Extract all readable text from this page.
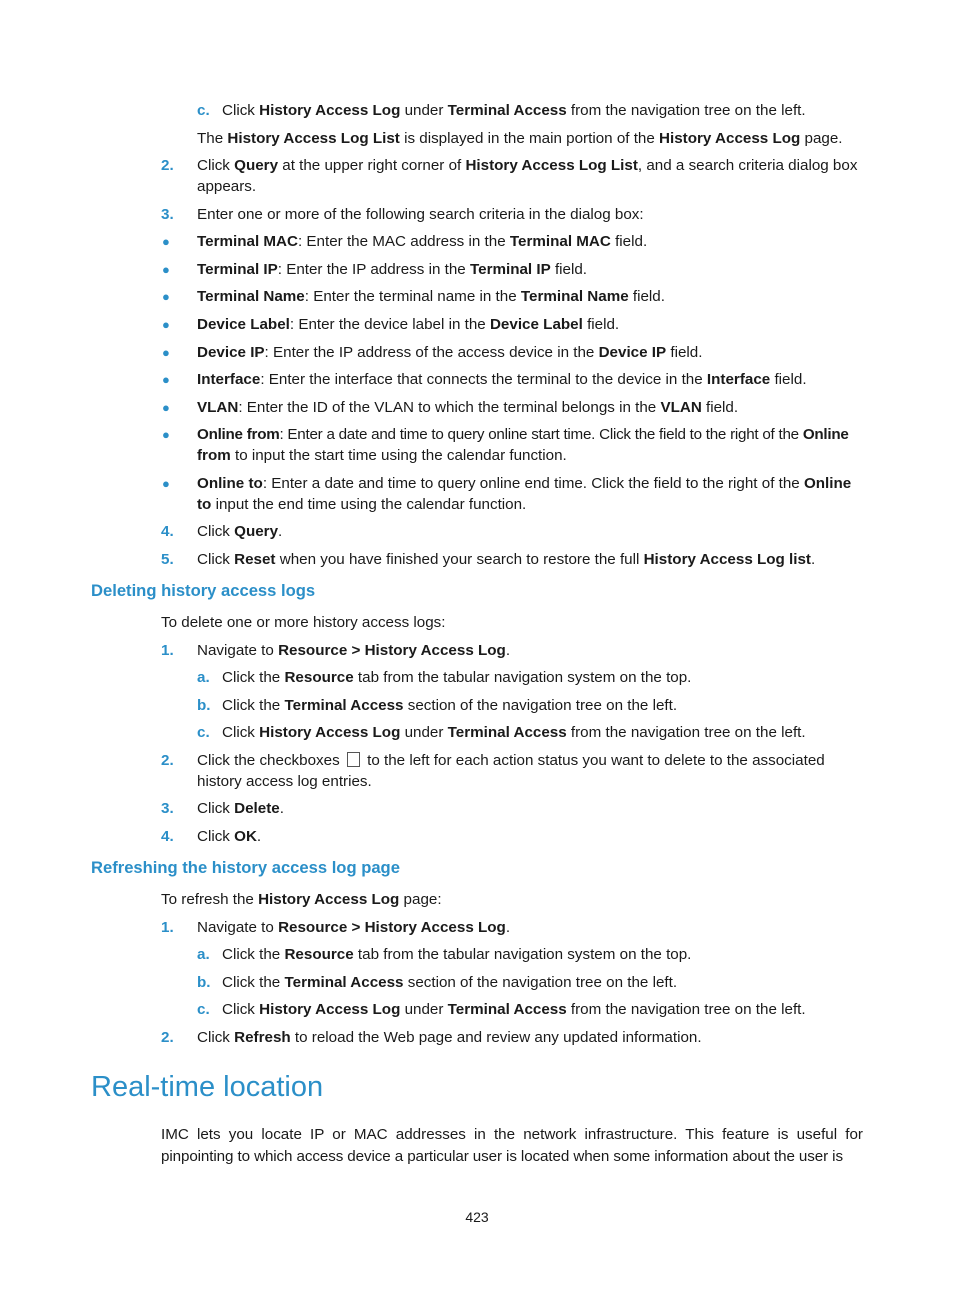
c. Click History Access Log under Terminal Access from the navigation tree on the left.
The History Access Log List is displayed in the main portion of the History Access Log page.
2. Click Query at the upper right corner of History Access Log List, and a search criteria dialog box
appears.
3. Enter one or more of the following search criteria in the dialog box:
● Terminal MAC: Enter the MAC address in the Terminal MAC field.
● Terminal IP: Enter the IP address in the Terminal IP field.
● Terminal Name: Enter the terminal name in the Terminal Name field.
● Device Label: Enter the device label in the Device Label field.
● Device IP: Enter the IP address of the access device in the Device IP field.
● Interface: Enter the interface that connects the terminal to the device in the Interface field.
● VLAN: Enter the ID of the VLAN to which the terminal belongs in the VLAN field.
● Online from: Enter a date and time to query online start time. Click the field to the right of the Online
from to input the start time using the calendar function.
● Online to: Enter a date and time to query online end time. Click the field to the right of the Online
to input the end time using the calendar function.
4. Click Query.
5. Click Reset when you have finished your search to restore the full History Access Log list.
Deleting history access logs
To delete one or more history access logs:
1. Navigate to Resource > History Access Log.
a. Click the Resource tab from the tabular navigation system on the top.
b. Click the Terminal Access section of the navigation tree on the left.
c. Click History Access Log under Terminal Access from the navigation tree on the left.
2. Click the checkboxes  to the left for each action status you want to delete to the associated
history access log entries.
3. Click Delete.
4. Click OK.
Refreshing the history access log page
To refresh the History Access Log page:
1. Navigate to Resource > History Access Log.
a. Click the Resource tab from the tabular navigation system on the top.
b. Click the Terminal Access section of the navigation tree on the left.
c. Click History Access Log under Terminal Access from the navigation tree on the left.
2. Click Refresh to reload the Web page and review any updated information.
Real-time location
IMC lets you locate IP or MAC addresses in the network infrastructure. This feature is useful for
pinpointing to which access device a particular user is located when some information about the user is
423
